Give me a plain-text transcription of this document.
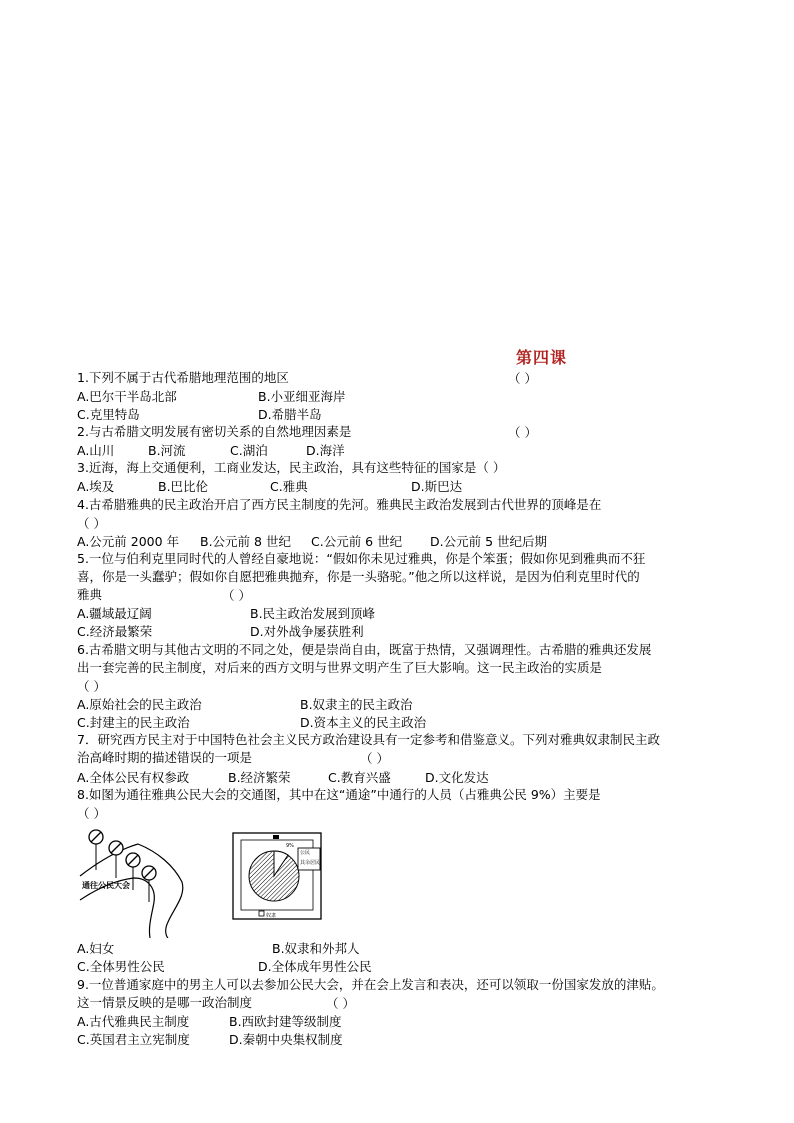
第四课
1.下列不属于古代希腊地理范围的地区	（ ）
A.巴尔干半岛北部	B.小亚细亚海岸
C.克里特岛	D.希腊半岛
2.与古希腊文明发展有密切关系的自然地理因素是	（ ）
A.山川	B.河流	C.湖泊	D.海洋
3.近海，海上交通便利，工商业发达，民主政治，具有这些特征的国家是（ ）
A.埃及	B.巴比伦	C.雅典	D.斯巴达
4.古希腊雅典的民主政治开启了西方民主制度的先河。雅典民主政治发展到古代世界的顶峰是在
（ ）
A.公元前 2000 年 B.公元前 8 世纪 C.公元前 6 世纪 D.公元前 5 世纪后期
5.一位与伯利克里同时代的人曾经自豪地说：“假如你未见过雅典，你是个笨蛋；假如你见到雅典而不狂
喜，你是一头蠢驴；假如你自愿把雅典抛弃，你是一头骆驼。”他之所以这样说，是因为伯利克里时代的
雅典	（ ）
A.疆域最辽阔	B.民主政治发展到顶峰
C.经济最繁荣	D.对外战争屡获胜利
6.古希腊文明与其他古文明的不同之处，便是崇尚自由，既富于热情，又强调理性。古希腊的雅典还发展
出一套完善的民主制度，对后来的西方文明与世界文明产生了巨大影响。这一民主政治的实质是
（ ）
A.原始社会的民主政治	B.奴隶主的民主政治
C.封建主的民主政治	D.资本主义的民主政治
7．研究西方民主对于中国特色社会主义民方政治建设具有一定参考和借鉴意义。下列对雅典奴隶制民主政
治高峰时期的描述错误的一项是	（ ）
A.全体公民有权参政	B.经济繁荣	C.教育兴盛	D.文化发达
8.如图为通往雅典公民大会的交通图，其中在这“通途”中通行的人员（占雅典公民 9%）主要是
（ ）
通往公民大会
9%
公民
其余居民
奴隶
A.妇女	B.奴隶和外邦人
C.全体男性公民	D.全体成年男性公民
9.一位普通家庭中的男主人可以去参加公民大会，并在会上发言和表决，还可以领取一份国家发放的津贴。
这一情景反映的是哪一政治制度	（ ）
A.古代雅典民主制度	B.西欧封建等级制度
C.英国君主立宪制度	D.秦朝中央集权制度
